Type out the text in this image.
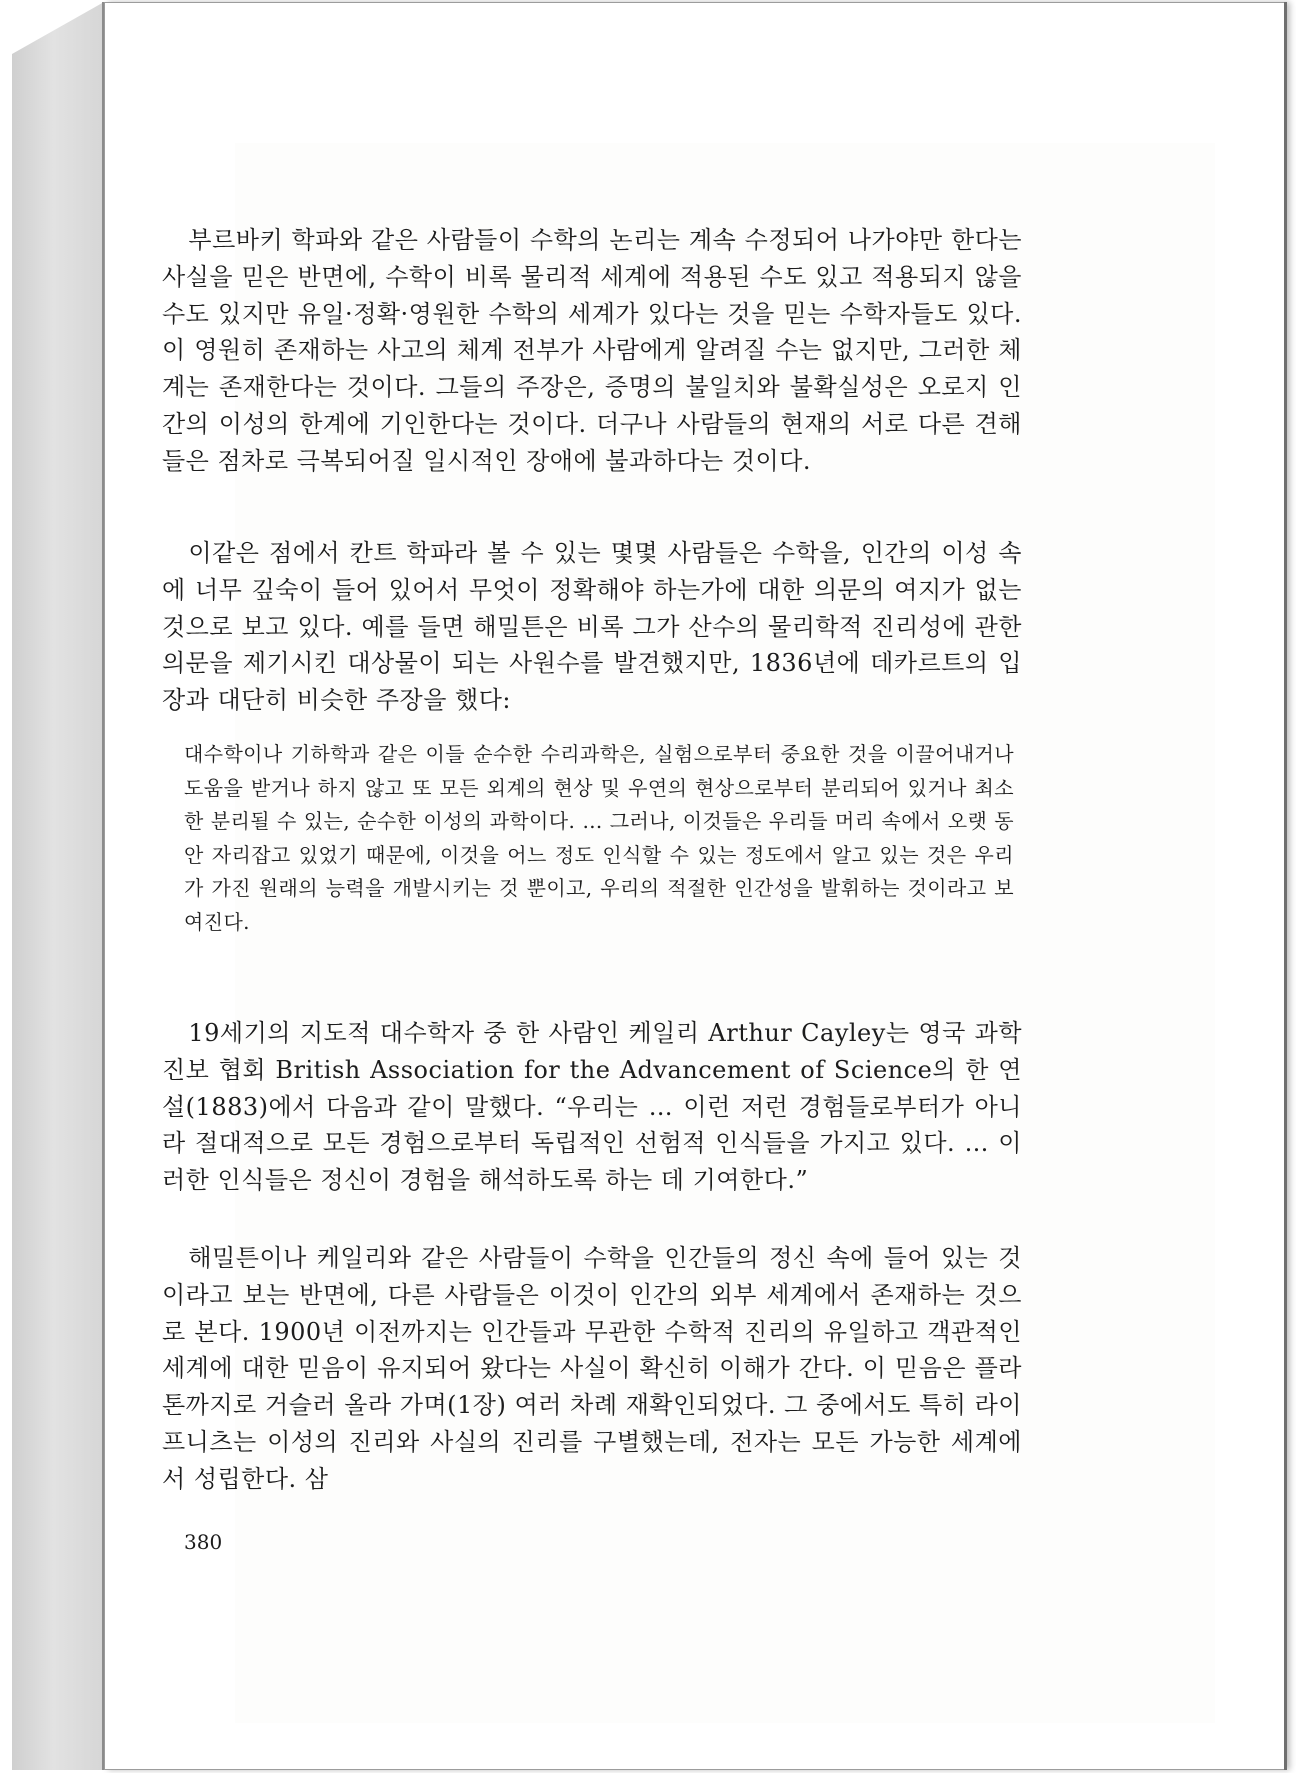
부르바키 학파와 같은 사람들이 수학의 논리는 계속 수정되어 나가야만 한다는 사실을 믿은 반면에, 수학이 비록 물리적 세계에 적용된 수도 있고 적용되지 않을 수도 있지만 유일·정확·영원한 수학의 세계가 있다는 것을 믿는 수학자들도 있다. 이 영원히 존재하는 사고의 체계 전부가 사람에게 알려질 수는 없지만, 그러한 체계는 존재한다는 것이다. 그들의 주장은, 증명의 불일치와 불확실성은 오로지 인간의 이성의 한계에 기인한다는 것이다. 더구나 사람들의 현재의 서로 다른 견해들은 점차로 극복되어질 일시적인 장애에 불과하다는 것이다.

이같은 점에서 칸트 학파라 볼 수 있는 몇몇 사람들은 수학을, 인간의 이성 속에 너무 깊숙이 들어 있어서 무엇이 정확해야 하는가에 대한 의문의 여지가 없는 것으로 보고 있다. 예를 들면 해밀튼은 비록 그가 산수의 물리학적 진리성에 관한 의문을 제기시킨 대상물이 되는 사원수를 발견했지만, 1836년에 데카르트의 입장과 대단히 비슷한 주장을 했다:

대수학이나 기하학과 같은 이들 순수한 수리과학은, 실험으로부터 중요한 것을 이끌어내거나 도움을 받거나 하지 않고 또 모든 외계의 현상 및 우연의 현상으로부터 분리되어 있거나 최소한 분리될 수 있는, 순수한 이성의 과학이다. … 그러나, 이것들은 우리들 머리 속에서 오랫 동안 자리잡고 있었기 때문에, 이것을 어느 정도 인식할 수 있는 정도에서 알고 있는 것은 우리가 가진 원래의 능력을 개발시키는 것 뿐이고, 우리의 적절한 인간성을 발휘하는 것이라고 보여진다.

19세기의 지도적 대수학자 중 한 사람인 케일리 Arthur Cayley는 영국 과학 진보 협회 British Association for the Advancement of Science의 한 연설(1883)에서 다음과 같이 말했다. “우리는 … 이런 저런 경험들로부터가 아니라 절대적으로 모든 경험으로부터 독립적인 선험적 인식들을 가지고 있다. … 이러한 인식들은 정신이 경험을 해석하도록 하는 데 기여한다.”

해밀튼이나 케일리와 같은 사람들이 수학을 인간들의 정신 속에 들어 있는 것이라고 보는 반면에, 다른 사람들은 이것이 인간의 외부 세계에서 존재하는 것으로 본다. 1900년 이전까지는 인간들과 무관한 수학적 진리의 유일하고 객관적인 세계에 대한 믿음이 유지되어 왔다는 사실이 확신히 이해가 간다. 이 믿음은 플라톤까지로 거슬러 올라 가며(1장) 여러 차례 재확인되었다. 그 중에서도 특히 라이프니츠는 이성의 진리와 사실의 진리를 구별했는데, 전자는 모든 가능한 세계에서 성립한다. 삼

380
